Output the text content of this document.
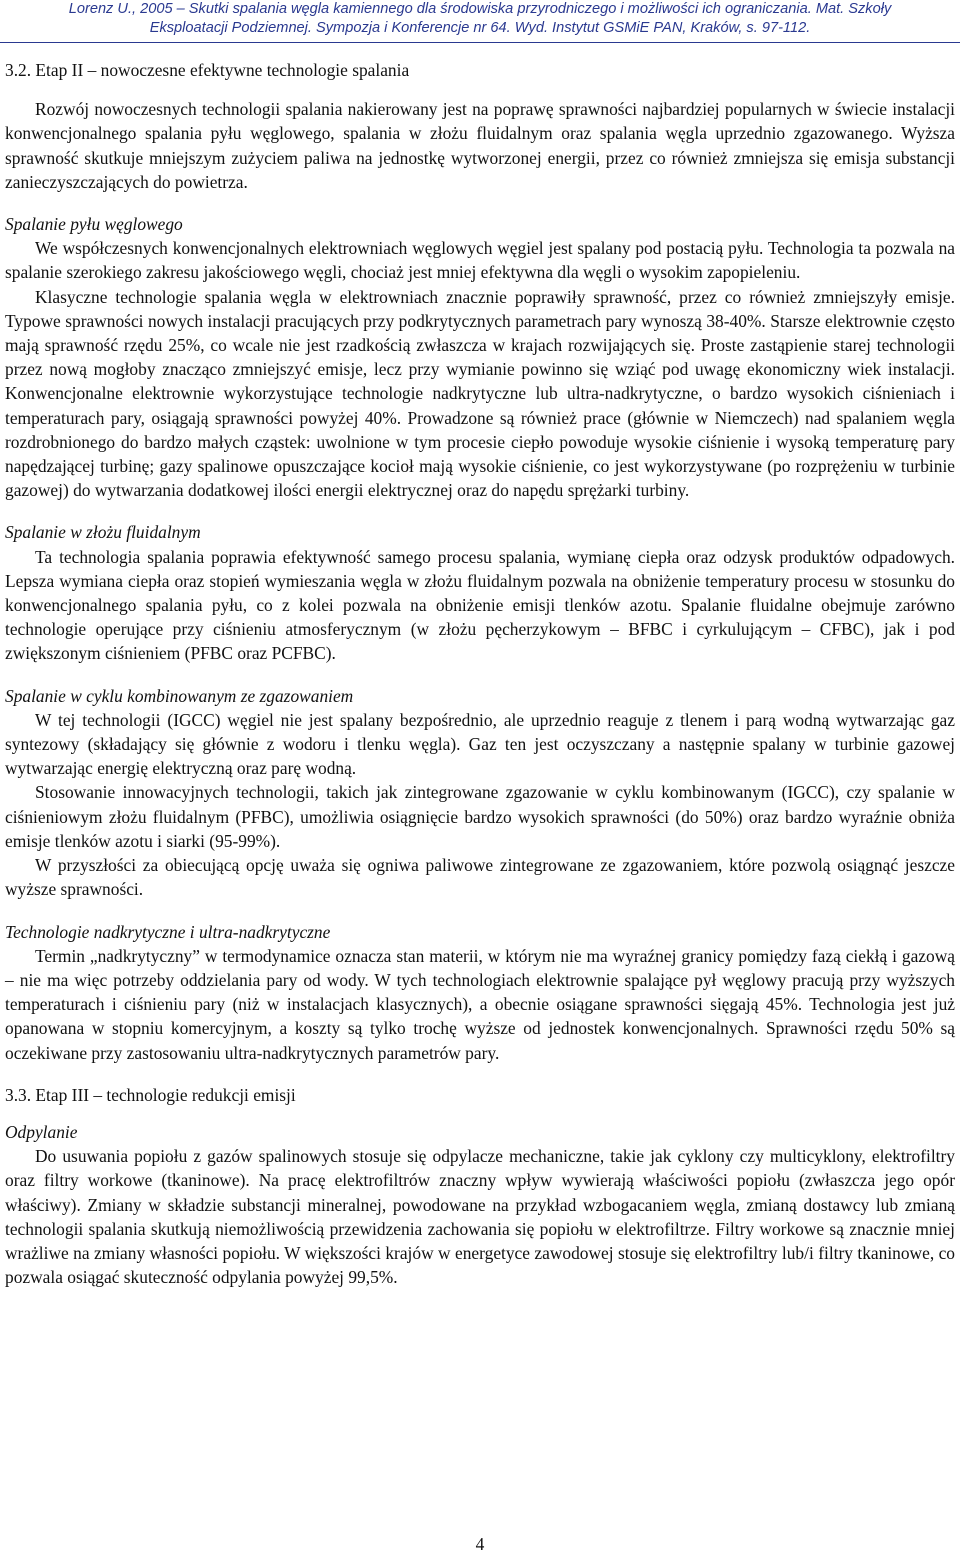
Lorenz U., 2005 – Skutki spalania węgla kamiennego dla środowiska przyrodniczego i możliwości ich ograniczania. Mat. Szkoły
Eksploatacji Podziemnej. Sympozja i Konferencje nr 64. Wyd. Instytut GSMiE PAN, Kraków, s. 97-112.

3.2. Etap II – nowoczesne efektywne technologie spalania

Rozwój nowoczesnych technologii spalania nakierowany jest na poprawę sprawności najbardziej popularnych w świecie instalacji konwencjonalnego spalania pyłu węglowego, spalania w złożu fluidalnym oraz spalania węgla uprzednio zgazowanego. Wyższa sprawność skutkuje mniejszym zużyciem paliwa na jednostkę wytworzonej energii, przez co również zmniejsza się emisja substancji zanieczyszczających do powietrza.

Spalanie pyłu węglowego

We współczesnych konwencjonalnych elektrowniach węglowych węgiel jest spalany pod postacią pyłu. Technologia ta pozwala na spalanie szerokiego zakresu jakościowego węgli, chociaż jest mniej efektywna dla węgli o wysokim zapopieleniu.

Klasyczne technologie spalania węgla w elektrowniach znacznie poprawiły sprawność, przez co również zmniejszyły emisje. Typowe sprawności nowych instalacji pracujących przy podkrytycznych parametrach pary wynoszą 38-40%. Starsze elektrownie często mają sprawność rzędu 25%, co wcale nie jest rzadkością zwłaszcza w krajach rozwijających się. Proste zastąpienie starej technologii przez nową mogłoby znacząco zmniejszyć emisje, lecz przy wymianie powinno się wziąć pod uwagę ekonomiczny wiek instalacji. Konwencjonalne elektrownie wykorzystujące technologie nadkrytyczne lub ultra-nadkrytyczne, o bardzo wysokich ciśnieniach i temperaturach pary, osiągają sprawności powyżej 40%. Prowadzone są również prace (głównie w Niemczech) nad spalaniem węgla rozdrobnionego do bardzo małych cząstek: uwolnione w tym procesie ciepło powoduje wysokie ciśnienie i wysoką temperaturę pary napędzającej turbinę; gazy spalinowe opuszczające kocioł mają wysokie ciśnienie, co jest wykorzystywane (po rozprężeniu w turbinie gazowej) do wytwarzania dodatkowej ilości energii elektrycznej oraz do napędu sprężarki turbiny.

Spalanie w złożu fluidalnym

Ta technologia spalania poprawia efektywność samego procesu spalania, wymianę ciepła oraz odzysk produktów odpadowych. Lepsza wymiana ciepła oraz stopień wymieszania węgla w złożu fluidalnym pozwala na obniżenie temperatury procesu w stosunku do konwencjonalnego spalania pyłu, co z kolei pozwala na obniżenie emisji tlenków azotu. Spalanie fluidalne obejmuje zarówno technologie operujące przy ciśnieniu atmosferycznym (w złożu pęcherzykowym – BFBC i cyrkulującym – CFBC), jak i pod zwiększonym ciśnieniem (PFBC oraz PCFBC).

Spalanie w cyklu kombinowanym ze zgazowaniem

W tej technologii (IGCC) węgiel nie jest spalany bezpośrednio, ale uprzednio reaguje z tlenem i parą wodną wytwarzając gaz syntezowy (składający się głównie z wodoru i tlenku węgla). Gaz ten jest oczyszczany a następnie spalany w turbinie gazowej wytwarzając energię elektryczną oraz parę wodną.

Stosowanie innowacyjnych technologii, takich jak zintegrowane zgazowanie w cyklu kombinowanym (IGCC), czy spalanie w ciśnieniowym złożu fluidalnym (PFBC), umożliwia osiągnięcie bardzo wysokich sprawności (do 50%) oraz bardzo wyraźnie obniża emisje tlenków azotu i siarki (95-99%).

W przyszłości za obiecującą opcję uważa się ogniwa paliwowe zintegrowane ze zgazowaniem, które pozwolą osiągnąć jeszcze wyższe sprawności.

Technologie nadkrytyczne i ultra-nadkrytyczne

Termin „nadkrytyczny” w termodynamice oznacza stan materii, w którym nie ma wyraźnej granicy pomiędzy fazą ciekłą i gazową – nie ma więc potrzeby oddzielania pary od wody. W tych technologiach elektrownie spalające pył węglowy pracują przy wyższych temperaturach i ciśnieniu pary (niż w instalacjach klasycznych), a obecnie osiągane sprawności sięgają 45%. Technologia jest już opanowana w stopniu komercyjnym, a koszty są tylko trochę wyższe od jednostek konwencjonalnych. Sprawności rzędu 50% są oczekiwane przy zastosowaniu ultra-nadkrytycznych parametrów pary.

3.3. Etap III – technologie redukcji emisji

Odpylanie

Do usuwania popiołu z gazów spalinowych stosuje się odpylacze mechaniczne, takie jak cyklony czy multicyklony, elektrofiltry oraz filtry workowe (tkaninowe). Na pracę elektrofiltrów znaczny wpływ wywierają właściwości popiołu (zwłaszcza jego opór właściwy). Zmiany w składzie substancji mineralnej, powodowane na przykład wzbogacaniem węgla, zmianą dostawcy lub zmianą technologii spalania skutkują niemożliwością przewidzenia zachowania się popiołu w elektrofiltrze. Filtry workowe są znacznie mniej wrażliwe na zmiany własności popiołu. W większości krajów w energetyce zawodowej stosuje się elektrofiltry lub/i filtry tkaninowe, co pozwala osiągać skuteczność odpylania powyżej 99,5%.

4
